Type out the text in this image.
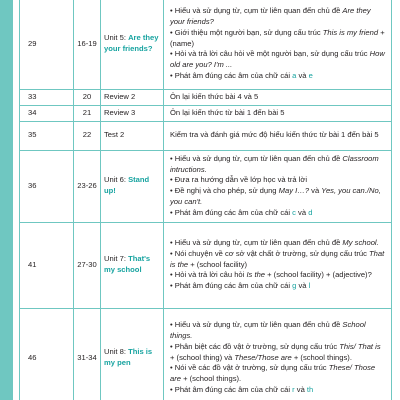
29	16-19	Unit 5: Are they your friends?	• Hiểu và sử dụng từ, cụm từ liên quan đến chủ đề Are they your friends?
• Giới thiệu một người bạn, sử dụng cấu trúc This is my friend + (name)
• Hỏi và trả lời câu hỏi về một người bạn, sử dụng cấu trúc How old are you? I'm ...
• Phát âm đúng các âm của chữ cái a và e

33	20	Review 2	Ôn lại kiến thức bài 4 và 5
34	21	Review 3	Ôn lại kiến thức từ bài 1 đến bài 5
35	22	Test 2	Kiểm tra và đánh giá mức độ hiểu kiến thức từ bài 1 đến bài 5
36	23-26	Unit 6: Stand up!	• Hiểu và sử dụng từ, cụm từ liên quan đến chủ đề Classroom intructions.
• Đưa ra hướng dẫn về lớp học và trả lời
• Đề nghị và cho phép, sử dụng May I…? và Yes, you can./No, you can't.
• Phát âm đúng các âm của chữ cái c và d

41	27-30	Unit 7: That's my school	• Hiểu và sử dụng từ, cụm từ liên quan đến chủ đề My school.
• Nói chuyện về cơ sở vật chất ở trường, sử dụng cấu trúc That is the + (school facility)
• Hỏi và trả lời câu hỏi Is the + (school facility) + (adjective)?
• Phát âm đúng các âm của chữ cái g và l

46	31-34	Unit 8: This is my pen	• Hiểu và sử dụng từ, cụm từ liên quan đến chủ đề School things.
• Phân biệt các đồ vật ở trường, sử dụng cấu trúc This/ That is + (school thing) và These/Those are + (school things).
• Nói về các đồ vật ở trường, sử dụng cấu trúc These/ Those are + (school things).
• Phát âm đúng các âm của chữ cái r và th
